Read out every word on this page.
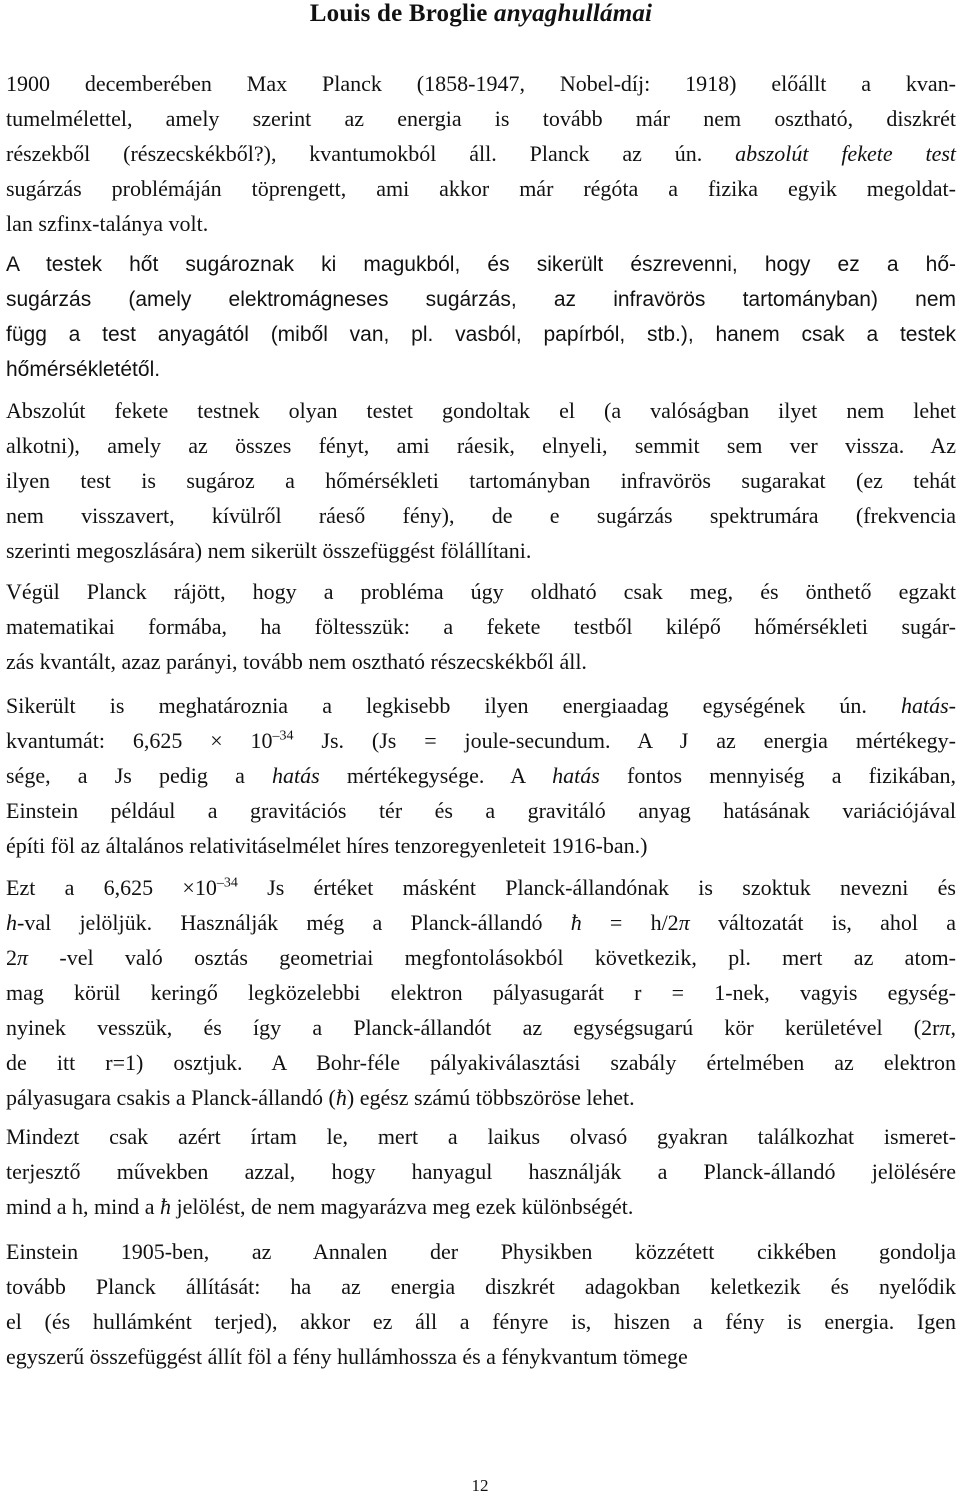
Louis de Broglie anyaghullámai
1900 decemberében Max Planck (1858-1947, Nobel-díj: 1918) előállt a kvan-
tumelmélettel, amely szerint az energia is tovább már nem osztható, diszkrét
részekből (részecskékből?), kvantumokból áll. Planck az ún. abszolút fekete test
sugárzás problémáján töprengett, ami akkor már régóta a fizika egyik megoldat-
lan szfinx-talánya volt.
A testek hőt sugároznak ki magukból, és sikerült észrevenni, hogy ez a hő-
sugárzás (amely elektromágneses sugárzás, az infravörös tartományban) nem
függ a test anyagától (miből van, pl. vasból, papírból, stb.), hanem csak a testek
hőmérsékletétől.
Abszolút fekete testnek olyan testet gondoltak el (a valóságban ilyet nem lehet
alkotni), amely az összes fényt, ami ráesik, elnyeli, semmit sem ver vissza. Az
ilyen test is sugároz a hőmérsékleti tartományban infravörös sugarakat (ez tehát
nem visszavert, kívülről ráeső fény), de e sugárzás spektrumára (frekvencia
szerinti megoszlására) nem sikerült összefüggést fölállítani.
Végül Planck rájött, hogy a probléma úgy oldható csak meg, és önthető egzakt
matematikai formába, ha föltesszük: a fekete testből kilépő hőmérsékleti sugár-
zás kvantált, azaz parányi, tovább nem osztható részecskékből áll.
Sikerült is meghatároznia a legkisebb ilyen energiaadag egységének ún. hatás-
kvantumát: $6,625 \times 10^{-34}$ Js. (Js = joule-secundum. A J az energia mértékegy-
sége, a Js pedig a hatás mértékegysége. A hatás fontos mennyiség a fizikában,
Einstein például a gravitációs tér és a gravitáló anyag hatásának variációjával
építi föl az általános relativitáselmélet híres tenzoregyenleteit 1916-ban.)
Ezt a $6,625 \times 10^{-34}$ Js értéket másként Planck-állandónak is szoktuk nevezni és
h-val jelöljük. Használják még a Planck-állandó ħ = h/2π változatát is, ahol a
2π -vel való osztás geometriai megfontolásokból következik, pl. mert az atom-
mag körül keringő legközelebbi elektron pályasugarát r = 1-nek, vagyis egység-
nyinek vesszük, és így a Planck-állandót az egységsugarú kör kerületével (2rπ,
de itt r=1) osztjuk. A Bohr-féle pályakiválasztási szabály értelmében az elektron
pályasugara csakis a Planck-állandó (ħ) egész számú többszöröse lehet.
Mindezt csak azért írtam le, mert a laikus olvasó gyakran találkozhat ismeret-
terjesztő művekben azzal, hogy hanyagul használják a Planck-állandó jelölésére
mind a h, mind a ħ jelölést, de nem magyarázva meg ezek különbségét.
Einstein 1905-ben, az Annalen der Physikben közzétett cikkében gondolja
tovább Planck állítását: ha az energia diszkrét adagokban keletkezik és nyelődik
el (és hullámként terjed), akkor ez áll a fényre is, hiszen a fény is energia. Igen
egyszerű összefüggést állít föl a fény hullámhossza és a fénykvantum tömege
12
